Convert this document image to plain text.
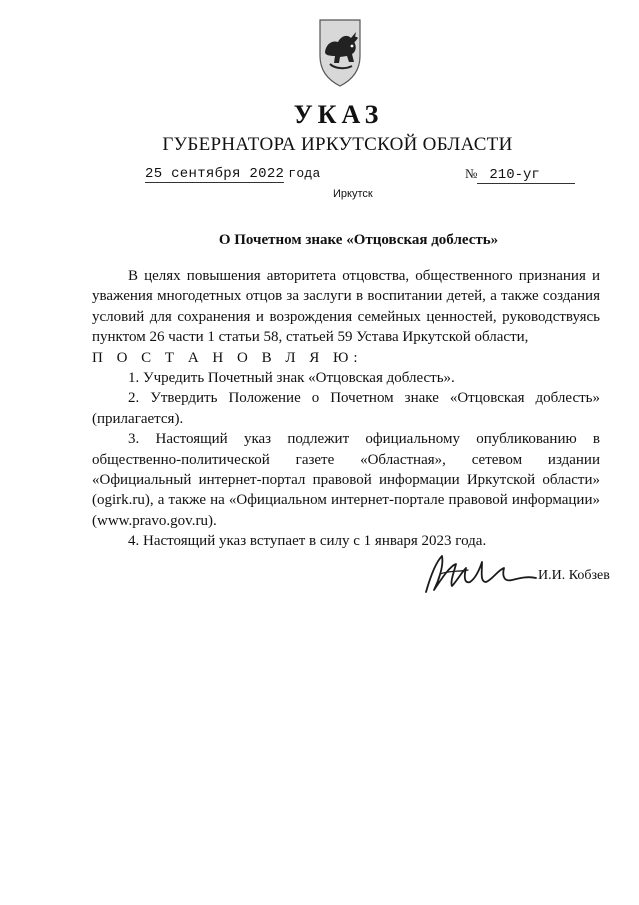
УКАЗ
ГУБЕРНАТОРА ИРКУТСКОЙ ОБЛАСТИ
25 сентября 2022 года	№ 210-уг
Иркутск
О Почетном знаке «Отцовская доблесть»

В целях повышения авторитета отцовства, общественного признания и уважения многодетных отцов за заслуги в воспитании детей, а также создания условий для сохранения и возрождения семейных ценностей, руководствуясь пунктом 26 части 1 статьи 58, статьей 59 Устава Иркутской области,
П О С Т А Н О В Л Я Ю:

1. Учредить Почетный знак «Отцовская доблесть».

2. Утвердить Положение о Почетном знаке «Отцовская доблесть» (прилагается).

3. Настоящий указ подлежит официальному опубликованию в общественно-политической газете «Областная», сетевом издании «Официальный интернет-портал правовой информации Иркутской области» (ogirk.ru), а также на «Официальном интернет-портале правовой информации» (www.pravo.gov.ru).

4. Настоящий указ вступает в силу с 1 января 2023 года.

И.И. Кобзев
